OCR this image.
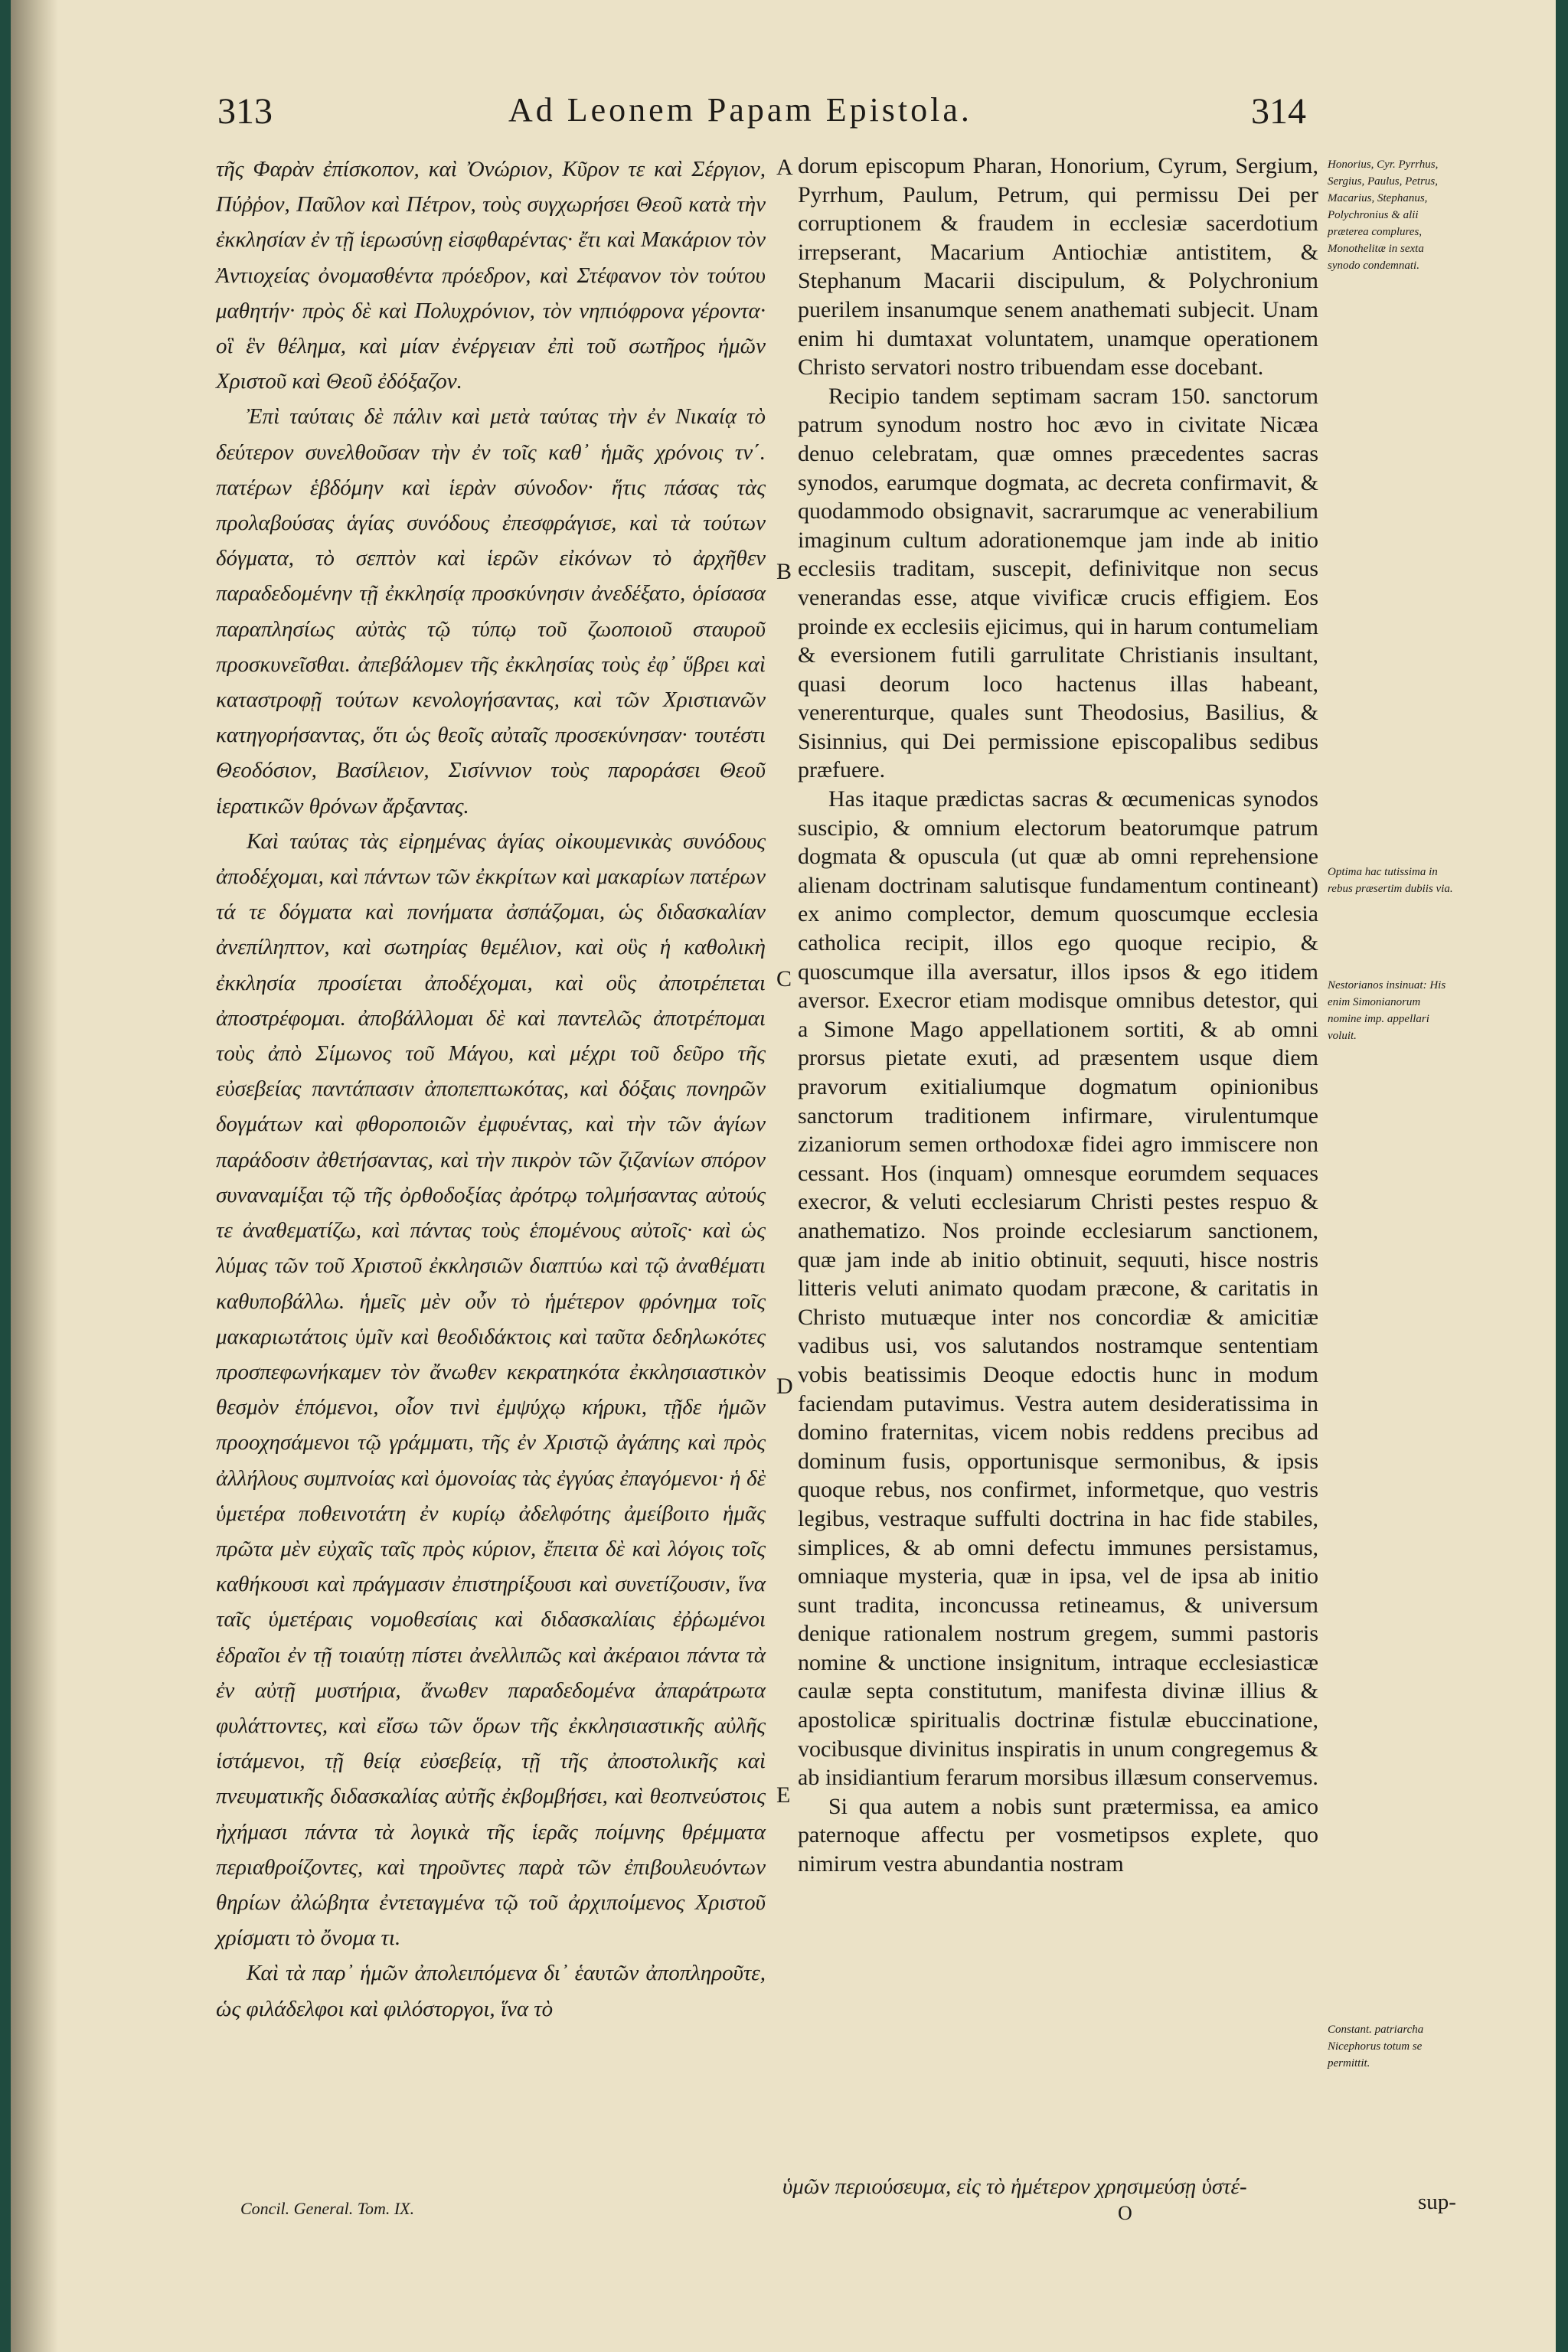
313	Ad Leonem Papam Epistola.	314

τῆς Φαρὰν ἐπίσκοπον, καὶ Ὀνώριον, Κῦρον τε καὶ Σέργιον, Πύῤῥον, Παῦλον καὶ Πέτρον, τοὺς συγχωρήσει Θεοῦ κατὰ τὴν ἐκκλησίαν ἐν τῇ ἱερωσύνῃ εἰσφθαρέντας· ἔτι καὶ Μακάριον τὸν Ἀντιοχείας ὀνομασθέντα πρόεδρον, καὶ Στέφανον τὸν τούτου μαθητήν· πρὸς δὲ καὶ Πολυχρόνιον, τὸν νηπιόφρονα γέροντα· οἳ ἓν θέλημα, καὶ μίαν ἐνέργειαν ἐπὶ τοῦ σωτῆρος ἡμῶν Χριστοῦ καὶ Θεοῦ ἐδόξαζον.

Ἐπὶ ταύταις δὲ πάλιν καὶ μετὰ ταύτας τὴν ἐν Νικαίᾳ τὸ δεύτερον συνελθοῦσαν τὴν ἐν τοῖς καθ᾽ ἡμᾶς χρόνοις τν΄. πατέρων ἑβδόμην καὶ ἱερὰν σύνοδον· ἥτις πάσας τὰς προλαβούσας ἁγίας συνόδους ἐπεσφράγισε, καὶ τὰ τούτων δόγματα, τὸ σεπτὸν καὶ ἱερῶν εἰκόνων τὸ ἀρχῆθεν παραδεδομένην τῇ ἐκκλησίᾳ προσκύνησιν ἀνεδέξατο, ὁρίσασα παραπλησίως αὐτὰς τῷ τύπῳ τοῦ ζωοποιοῦ σταυροῦ προσκυνεῖσθαι. ἀπεβάλομεν τῆς ἐκκλησίας τοὺς ἐφ᾽ ὕβρει καὶ καταστροφῇ τούτων κενολογήσαντας, καὶ τῶν Χριστιανῶν κατηγορήσαντας, ὅτι ὡς θεοῖς αὐταῖς προσεκύνησαν· τουτέστι Θεοδόσιον, Βασίλειον, Σισίννιον τοὺς παροράσει Θεοῦ ἱερατικῶν θρόνων ἄρξαντας.

Καὶ ταύτας τὰς εἰρημένας ἁγίας οἰκουμενικὰς συνόδους ἀποδέχομαι, καὶ πάντων τῶν ἐκκρίτων καὶ μακαρίων πατέρων τά τε δόγματα καὶ πονήματα ἀσπάζομαι, ὡς διδασκαλίαν ἀνεπίληπτον, καὶ σωτηρίας θεμέλιον, καὶ οὓς ἡ καθολικὴ ἐκκλησία προσίεται ἀποδέχομαι, καὶ οὓς ἀποτρέπεται ἀποστρέφομαι. ἀποβάλλομαι δὲ καὶ παντελῶς ἀποτρέπομαι τοὺς ἀπὸ Σίμωνος τοῦ Μάγου, καὶ μέχρι τοῦ δεῦρο τῆς εὐσεβείας παντάπασιν ἀποπεπτωκότας, καὶ δόξαις πονηρῶν δογμάτων καὶ φθοροποιῶν ἐμφυέντας, καὶ τὴν τῶν ἁγίων παράδοσιν ἀθετήσαντας, καὶ τὴν πικρὸν τῶν ζιζανίων σπόρον συναναμίξαι τῷ τῆς ὀρθοδοξίας ἀρότρῳ τολμήσαντας αὐτούς τε ἀναθεματίζω, καὶ πάντας τοὺς ἑπομένους αὐτοῖς· καὶ ὡς λύμας τῶν τοῦ Χριστοῦ ἐκκλησιῶν διαπτύω καὶ τῷ ἀναθέματι καθυποβάλλω. ἡμεῖς μὲν οὖν τὸ ἡμέτερον φρόνημα τοῖς μακαριωτάτοις ὑμῖν καὶ θεοδιδάκτοις καὶ ταῦτα δεδηλωκότες προσπεφωνήκαμεν τὸν ἄνωθεν κεκρατηκότα ἐκκλησιαστικὸν θεσμὸν ἑπόμενοι, οἷον τινὶ ἐμψύχῳ κήρυκι, τῇδε ἡμῶν προοχησάμενοι τῷ γράμματι, τῆς ἐν Χριστῷ ἀγάπης καὶ πρὸς ἀλλήλους συμπνοίας καὶ ὁμονοίας τὰς ἐγγύας ἐπαγόμενοι· ἡ δὲ ὑμετέρα ποθεινοτάτη ἐν κυρίῳ ἀδελφότης ἀμείβοιτο ἡμᾶς πρῶτα μὲν εὐχαῖς ταῖς πρὸς κύριον, ἔπειτα δὲ καὶ λόγοις τοῖς καθήκουσι καὶ πράγμασιν ἐπιστηρίξουσι καὶ συνετίζουσιν, ἵνα ταῖς ὑμετέραις νομοθεσίαις καὶ διδασκαλίαις ἐῤῥωμένοι ἑδραῖοι ἐν τῇ τοιαύτῃ πίστει ἀνελλιπῶς καὶ ἀκέραιοι πάντα τὰ ἐν αὐτῇ μυστήρια, ἄνωθεν παραδεδομένα ἀπαράτρωτα φυλάττοντες, καὶ εἴσω τῶν ὅρων τῆς ἐκκλησιαστικῆς αὐλῆς ἱστάμενοι, τῇ θείᾳ εὐσεβείᾳ, τῇ τῆς ἀποστολικῆς καὶ πνευματικῆς διδασκαλίας αὐτῆς ἐκβομβήσει, καὶ θεοπνεύστοις ἠχήμασι πάντα τὰ λογικὰ τῆς ἱερᾶς ποίμνης θρέμματα περιαθροίζοντες, καὶ τηροῦντες παρὰ τῶν ἐπιβουλευόντων θηρίων ἀλώβητα ἐντεταγμένα τῷ τοῦ ἀρχιποίμενος Χριστοῦ χρίσματι τὸ ὄνομα τι.

Καὶ τὰ παρ᾽ ἡμῶν ἀπολειπόμενα δι᾽ ἑαυτῶν ἀποπληροῦτε, ὡς φιλάδελφοι καὶ φιλόστοργοι, ἵνα τὸ

A
B
C
D
E

dorum episcopum Pharan, Honorium, Cyrum, Sergium, Pyrrhum, Paulum, Petrum, qui permissu Dei per corruptionem & fraudem in ecclesiæ sacerdotium irrepserant, Macarium Antiochiæ antistitem, & Stephanum Macarii discipulum, & Polychronium puerilem insanumque senem anathemati subjecit. Unam enim hi dumtaxat voluntatem, unamque operationem Christo servatori nostro tribuendam esse docebant.

Recipio tandem septimam sacram 150. sanctorum patrum synodum nostro hoc ævo in civitate Nicæa denuo celebratam, quæ omnes præcedentes sacras synodos, earumque dogmata, ac decreta confirmavit, & quodammodo obsignavit, sacrarumque ac venerabilium imaginum cultum adorationemque jam inde ab initio ecclesiis traditam, suscepit, definivitque non secus venerandas esse, atque vivificæ crucis effigiem. Eos proinde ex ecclesiis ejicimus, qui in harum contumeliam & eversionem futili garrulitate Christianis insultant, quasi deorum loco hactenus illas habeant, venerenturque, quales sunt Theodosius, Basilius, & Sisinnius, qui Dei permissione episcopalibus sedibus præfuere.

Has itaque prædictas sacras & œcumenicas synodos suscipio, & omnium electorum beatorumque patrum dogmata & opuscula (ut quæ ab omni reprehensione alienam doctrinam salutisque fundamentum contineant) ex animo complector, demum quoscumque ecclesia catholica recipit, illos ego quoque recipio, & quoscumque illa aversatur, illos ipsos & ego itidem aversor. Execror etiam modisque omnibus detestor, qui a Simone Mago appellationem sortiti, & ab omni prorsus pietate exuti, ad præsentem usque diem pravorum exitialiumque dogmatum opinionibus sanctorum traditionem infirmare, virulentumque zizaniorum semen orthodoxæ fidei agro immiscere non cessant. Hos (inquam) omnesque eorumdem sequaces execror, & veluti ecclesiarum Christi pestes respuo & anathematizo. Nos proinde ecclesiarum sanctionem, quæ jam inde ab initio obtinuit, sequuti, hisce nostris litteris veluti animato quodam præcone, & caritatis in Christo mutuæque inter nos concordiæ & amicitiæ vadibus usi, vos salutandos nostramque sententiam vobis beatissimis Deoque edoctis hunc in modum faciendam putavimus. Vestra autem desideratissima in domino fraternitas, vicem nobis reddens precibus ad dominum fusis, opportunisque sermonibus, & ipsis quoque rebus, nos confirmet, informetque, quo vestris legibus, vestraque suffulti doctrina in hac fide stabiles, simplices, & ab omni defectu immunes persistamus, omniaque mysteria, quæ in ipsa, vel de ipsa ab initio sunt tradita, inconcussa retineamus, & universum denique rationalem nostrum gregem, summi pastoris nomine & unctione insignitum, intraque ecclesiasticæ caulæ septa constitutum, manifesta divinæ illius & apostolicæ spiritualis doctrinæ fistulæ ebuccinatione, vocibusque divinitus inspiratis in unum congregemus & ab insidiantium ferarum morsibus illæsum conservemus.

Si qua autem a nobis sunt prætermissa, ea amico paternoque affectu per vosmetipsos explete, quo nimirum vestra abundantia nostram

Honorius, Cyr. Pyrrhus, Sergius, Paulus, Petrus, Macarius, Stephanus, Polychronius & alii præterea complures, Monothelitæ in sexta synodo condemnati.
Optima hac tutissima in rebus præsertim dubiis via.
Nestorianos insinuat: His enim Simonianorum nomine imp. appellari voluit.
Constant. patriarcha Nicephorus totum se permittit.
ὑμῶν περιούσευμα, εἰς τὸ ἡμέτερον χρησιμεύσῃ ὑστέ-
Concil. General. Tom. IX.	O	sup-
